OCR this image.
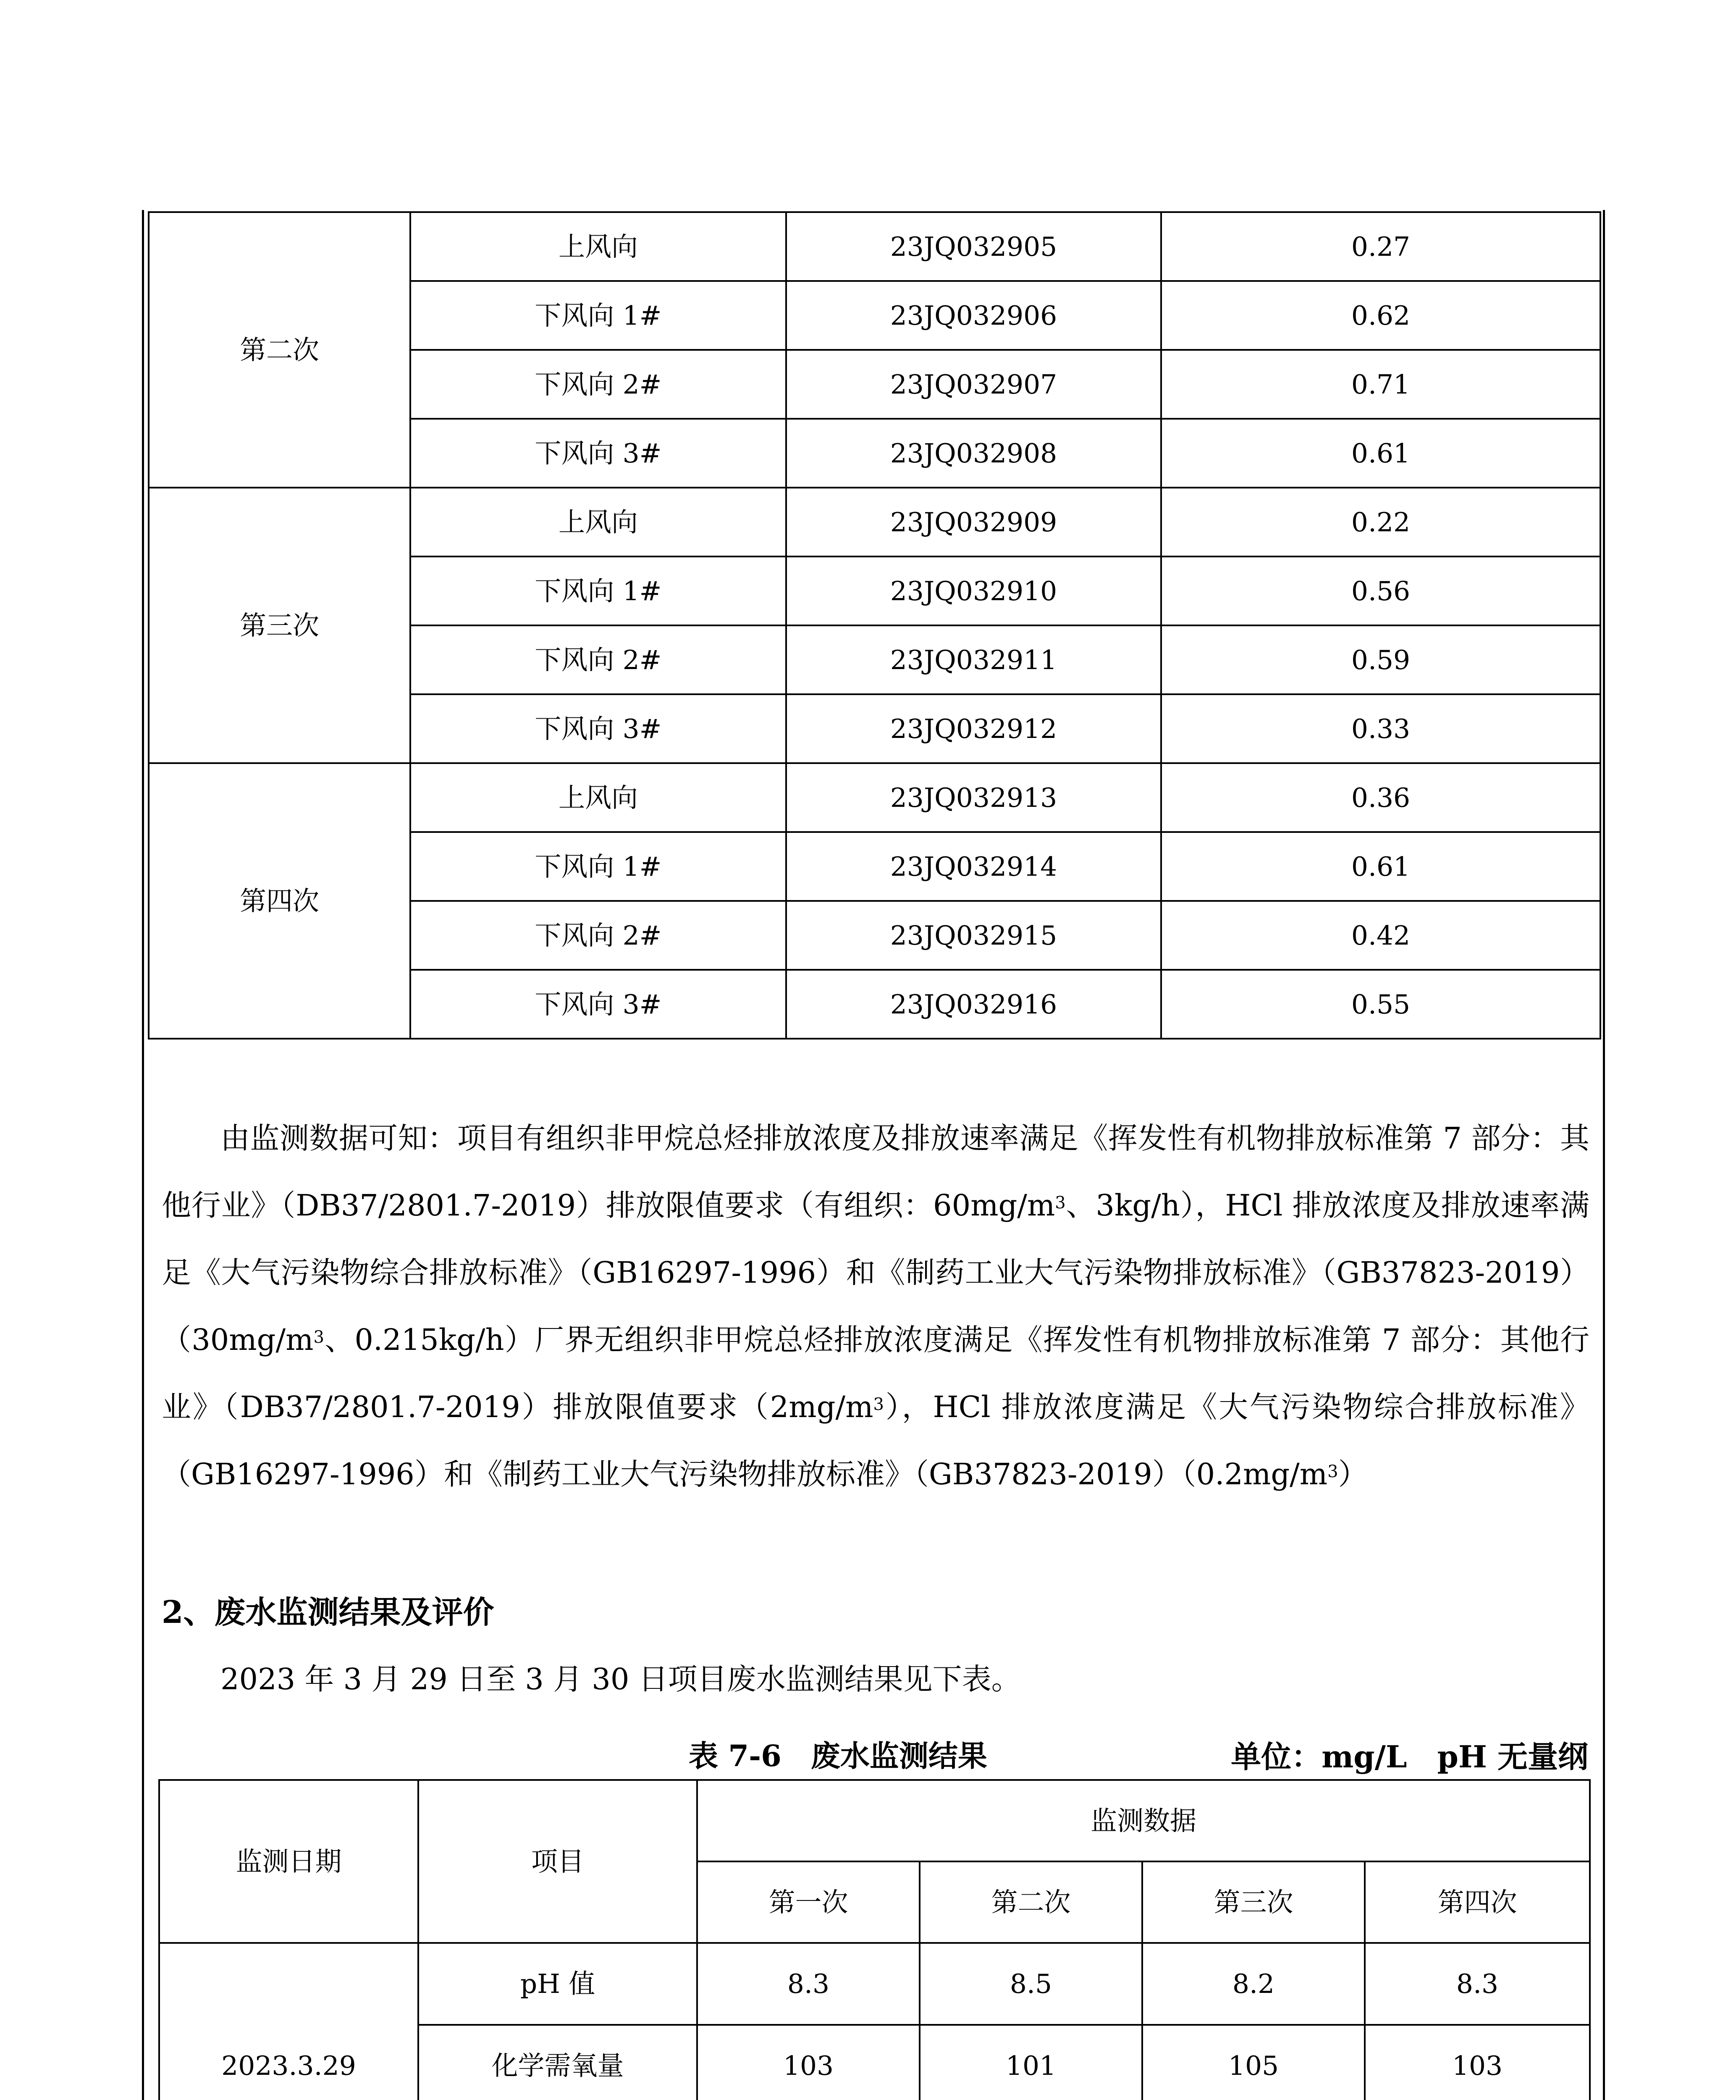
第二次	上风向	23JQ032905	0.27
	下风向 1#	23JQ032906	0.62
	下风向 2#	23JQ032907	0.71
	下风向 3#	23JQ032908	0.61
第三次	上风向	23JQ032909	0.22
	下风向 1#	23JQ032910	0.56
	下风向 2#	23JQ032911	0.59
	下风向 3#	23JQ032912	0.33
第四次	上风向	23JQ032913	0.36
	下风向 1#	23JQ032914	0.61
	下风向 2#	23JQ032915	0.42
	下风向 3#	23JQ032916	0.55

由监测数据可知：项目有组织非甲烷总烃排放浓度及排放速率满足《挥发性有机物排放标准第 7 部分：其他行业》（DB37/2801.7-2019）排放限值要求（有组织：$60mg/m^3$、3kg/h），HCl 排放浓度及排放速率满足《大气污染物综合排放标准》（GB16297-1996）和《制药工业大气污染物排放标准》$(GB37823-2019)(30mg/m^3$、0.215kg/h）厂界无组织非甲烷总烃排放浓度满足《挥发性有机物排放标准第 7 部分：其他行业》（DB37/2801.7-2019）排放限值要求$(2mg/m^3)$，HCl 排放浓度满足《大气污染物综合排放标准》（GB16297-1996）和《制药工业大气污染物排放标准》$(GB37823-2019)(0.2mg/m^3)$

2、废水监测结果及评价
2023 年 3 月 29 日至 3 月 30 日项目废水监测结果见下表。
表 7-6　废水监测结果	单位：mg/L　pH 无量纲
监测日期	项目	监测数据			
		第一次	第二次	第三次	第四次
2023.3.29	pH 值	8.3	8.5	8.2	8.3
	化学需氧量	103	101	105	103
